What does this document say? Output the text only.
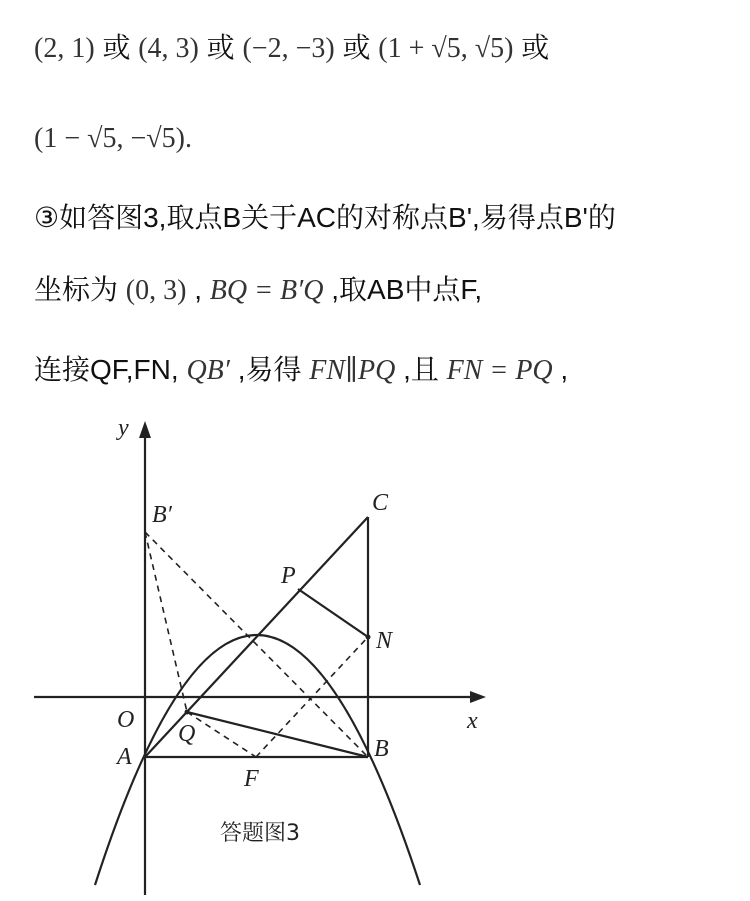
(2, 1) 或 (4, 3) 或 (−2, −3) 或 (1 + √5, √5) 或
(1 − √5, −√5).
③如答图3,取点B关于AC的对称点B',易得点B'的
坐标为 (0, 3) , BQ = B′Q ,取AB中点F,
连接QF,FN, QB′ ,易得 FN∥PQ ,且 FN = PQ ,
y
x
O
A	B
C
P
N
Q
F
B′
答题图3
